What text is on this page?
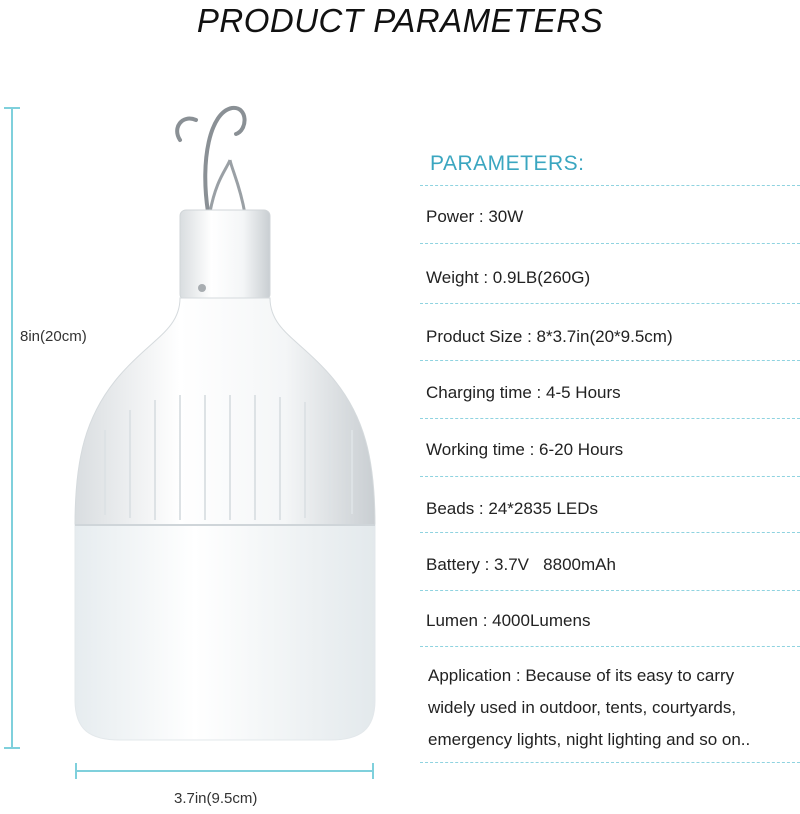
PRODUCT PARAMETERS
8in(20cm)
3.7in(9.5cm)
PARAMETERS:
Power : 30W
Weight : 0.9LB(260G)
Product Size : 8*3.7in(20*9.5cm)
Charging time : 4-5 Hours
Working time : 6-20 Hours
Beads : 24*2835 LEDs
Battery : 3.7V   8800mAh
Lumen : 4000Lumens
Application : Because of its easy to carry
widely used in outdoor, tents, courtyards,
emergency lights, night lighting and so on..
